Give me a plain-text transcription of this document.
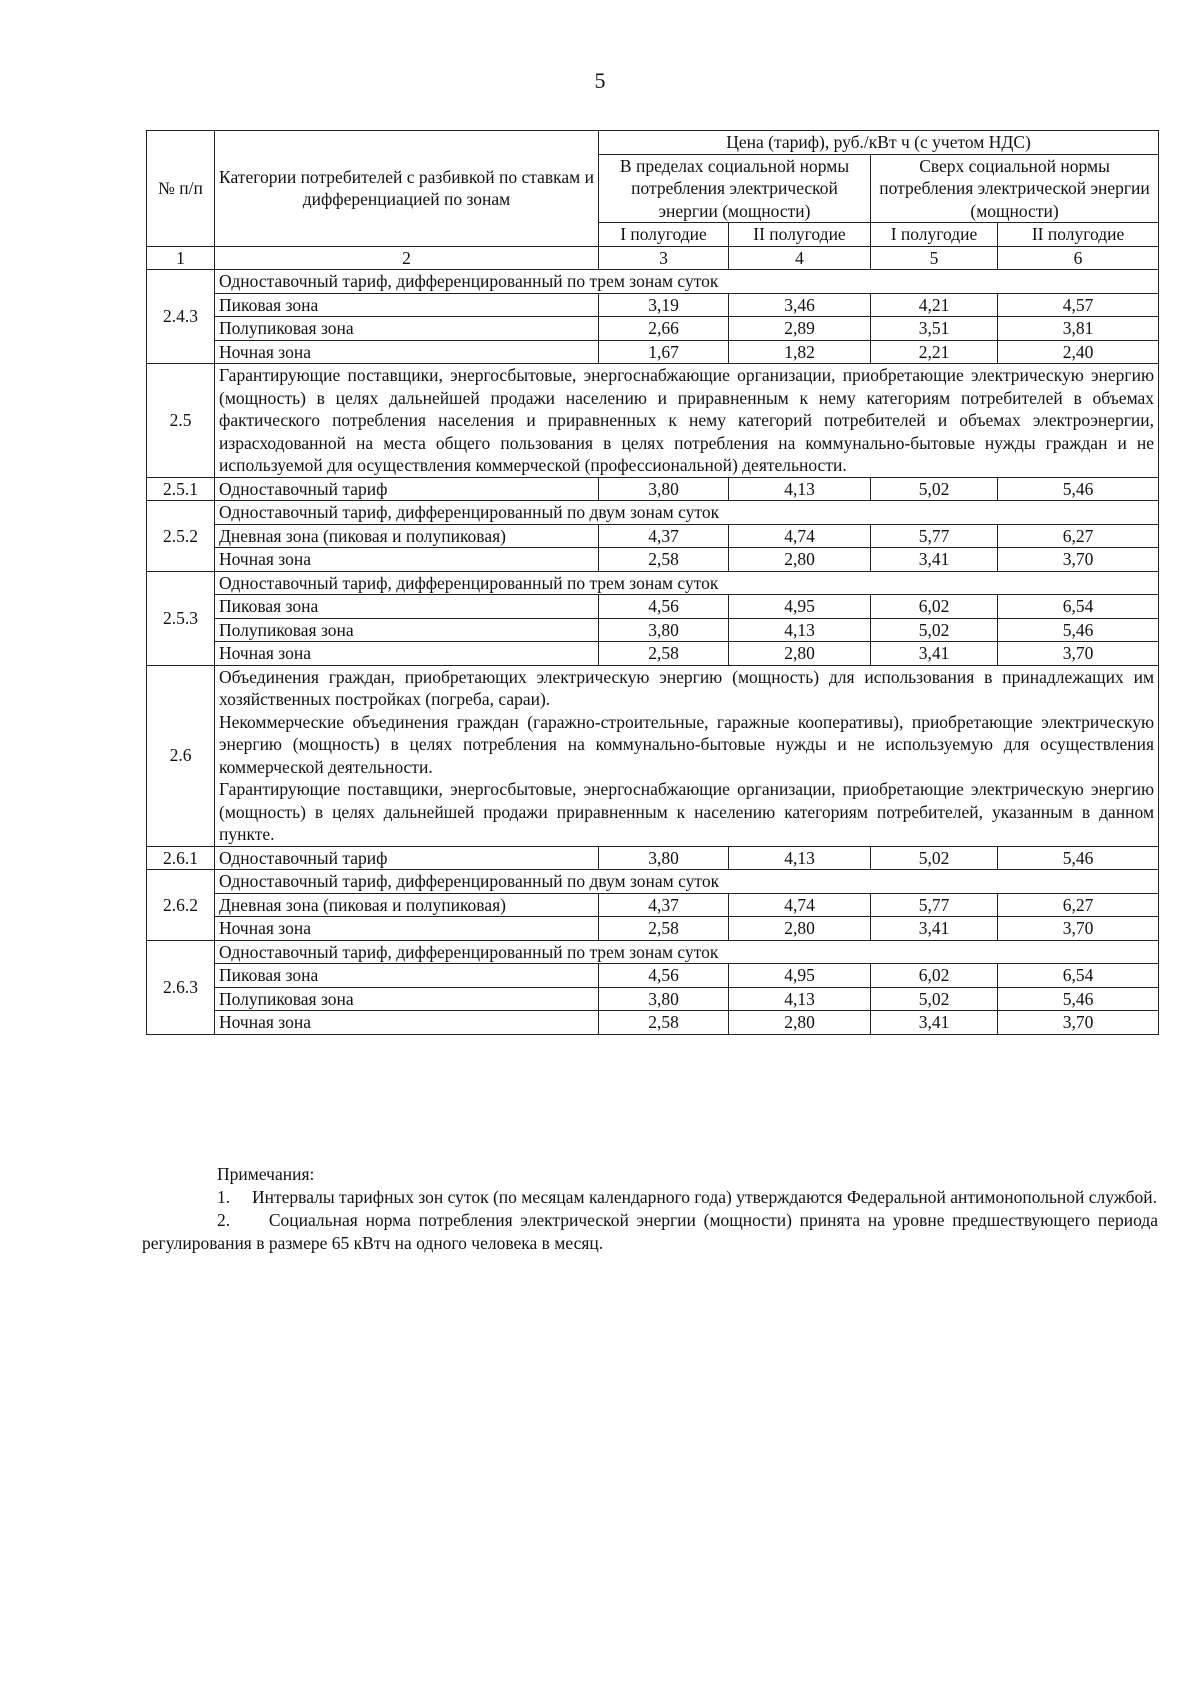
5
№ п/п	Категории потребителей с разбивкой по ставкам и дифференциацией по зонам	Цена (тариф), руб./кВт ч (с учетом НДС)			
		В пределах социальной нормы потребления электрической энергии (мощности)		Сверх социальной нормы потребления электрической энергии (мощности)	
		I полугодие	II полугодие	I полугодие	II полугодие
1	2	3	4	5	6
2.4.3	Одноставочный тариф, дифференцированный по трем зонам суток				
	Пиковая зона	3,19	3,46	4,21	4,57
	Полупиковая зона	2,66	2,89	3,51	3,81
	Ночная зона	1,67	1,82	2,21	2,40
2.5	Гарантирующие поставщики, энергосбытовые, энергоснабжающие организации, приобретающие электрическую энергию (мощность) в целях дальнейшей продажи населению и приравненным к нему категориям потребителей в объемах фактического потребления населения и приравненных к нему категорий потребителей и объемах электроэнергии, израсходованной на места общего пользования в целях потребления на коммунально-бытовые нужды граждан и не используемой для осуществления коммерческой (профессиональной) деятельности.				
2.5.1	Одноставочный тариф	3,80	4,13	5,02	5,46
2.5.2	Одноставочный тариф, дифференцированный по двум зонам суток				
	Дневная зона (пиковая и полупиковая)	4,37	4,74	5,77	6,27
	Ночная зона	2,58	2,80	3,41	3,70
2.5.3	Одноставочный тариф, дифференцированный по трем зонам суток				
	Пиковая зона	4,56	4,95	6,02	6,54
	Полупиковая зона	3,80	4,13	5,02	5,46
	Ночная зона	2,58	2,80	3,41	3,70
2.6	Объединения граждан, приобретающих электрическую энергию (мощность) для использования в принадлежащих им хозяйственных постройках (погреба, сараи).
Некоммерческие объединения граждан (гаражно-строительные, гаражные кооперативы), приобретающие электрическую энергию (мощность) в целях потребления на коммунально-бытовые нужды и не используемую для осуществления коммерческой деятельности.
Гарантирующие поставщики, энергосбытовые, энергоснабжающие организации, приобретающие электрическую энергию (мощность) в целях дальнейшей продажи приравненным к населению категориям потребителей, указанным в данном пункте.				

2.6.1	Одноставочный тариф	3,80	4,13	5,02	5,46
2.6.2	Одноставочный тариф, дифференцированный по двум зонам суток				
	Дневная зона (пиковая и полупиковая)	4,37	4,74	5,77	6,27
	Ночная зона	2,58	2,80	3,41	3,70
2.6.3	Одноставочный тариф, дифференцированный по трем зонам суток				
	Пиковая зона	4,56	4,95	6,02	6,54
	Полупиковая зона	3,80	4,13	5,02	5,46
	Ночная зона	2,58	2,80	3,41	3,70

Примечания:

1.     Интервалы тарифных зон суток (по месяцам календарного года) утверждаются Федеральной антимонопольной службой.

2.     Социальная норма потребления электрической энергии (мощности) принята на уровне предшествующего периода регулирования в размере 65 кВтч на одного человека в месяц.
